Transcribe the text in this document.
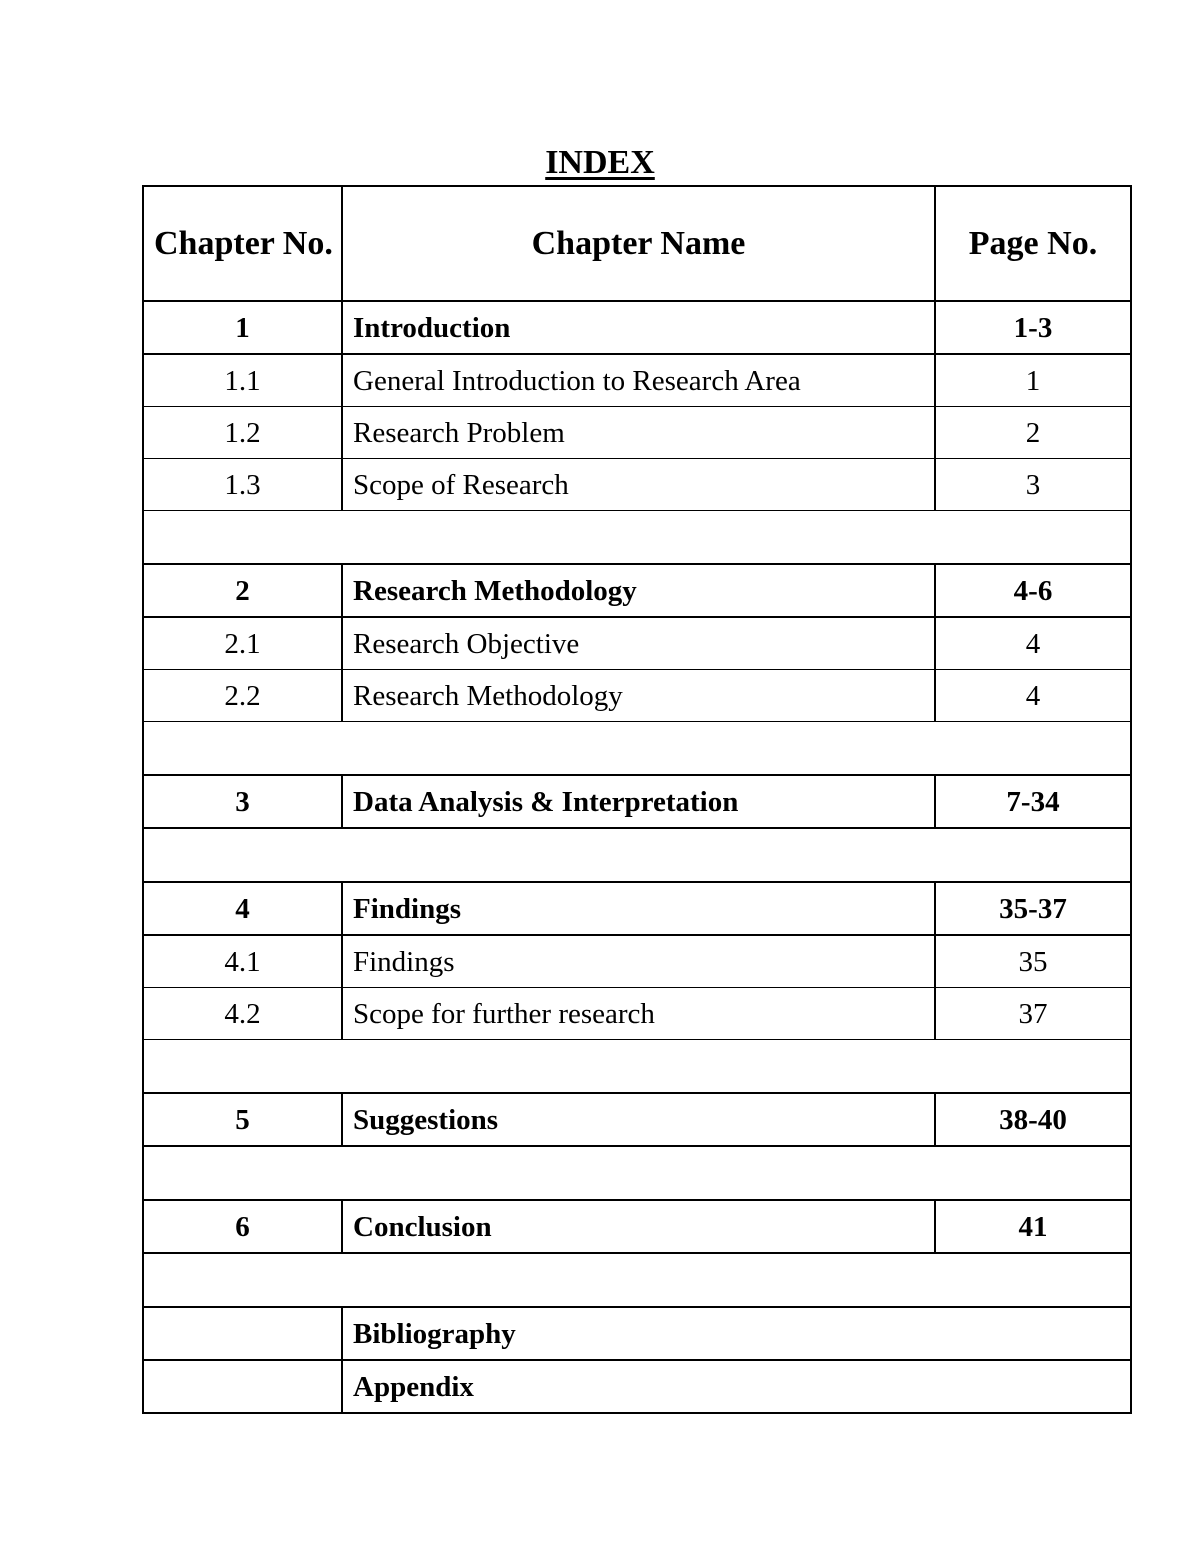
INDEX
Chapter No.	Chapter Name	Page No.
1	Introduction	1-3
1.1	General Introduction to Research Area	1
1.2	Research Problem	2
1.3	Scope of Research	3

2	Research Methodology	4-6
2.1	Research Objective	4
2.2	Research Methodology	4

3	Data Analysis & Interpretation	7-34

4	Findings	35-37
4.1	Findings	35
4.2	Scope for further research	37

5	Suggestions	38-40

6	Conclusion	41

	Bibliography	
	Appendix	
